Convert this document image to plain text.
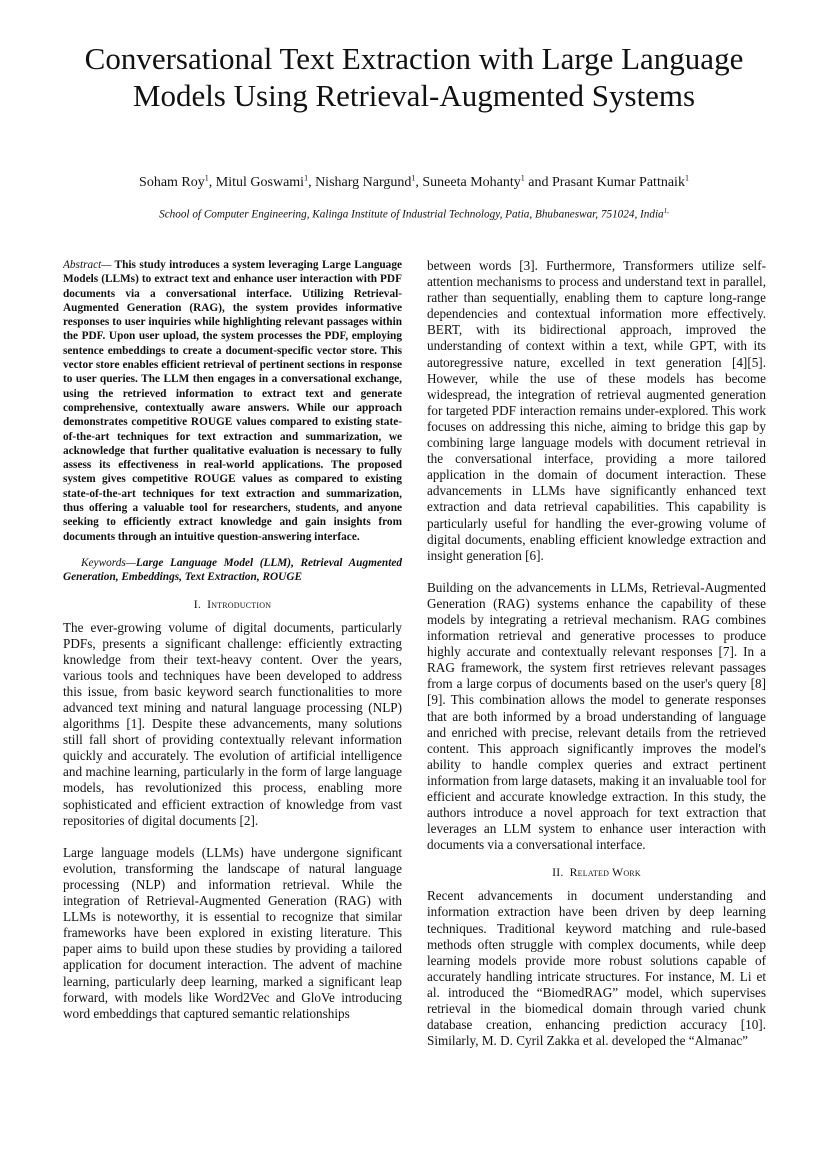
Conversational Text Extraction with Large Language Models Using Retrieval-Augmented Systems

Soham Roy$^1$, Mitul Goswami$^1$, Nisharg Nargund$^1$, Suneeta Mohanty$^1$ and Prasant Kumar Pattnaik$^1$

School of Computer Engineering, Kalinga Institute of Industrial Technology, Patia, Bhubaneswar, 751024, India$^{1,}$

Abstract— This study introduces a system leveraging Large Language Models (LLMs) to extract text and enhance user interaction with PDF documents via a conversational interface. Utilizing Retrieval-Augmented Generation (RAG), the system provides informative responses to user inquiries while highlighting relevant passages within the PDF. Upon user upload, the system processes the PDF, employing sentence embeddings to create a document-specific vector store. This vector store enables efficient retrieval of pertinent sections in response to user queries. The LLM then engages in a conversational exchange, using the retrieved information to extract text and generate comprehensive, contextually aware answers. While our approach demonstrates competitive ROUGE values compared to existing state-of-the-art techniques for text extraction and summarization, we acknowledge that further qualitative evaluation is necessary to fully assess its effectiveness in real-world applications. The proposed system gives competitive ROUGE values as compared to existing state-of-the-art techniques for text extraction and summarization, thus offering a valuable tool for researchers, students, and anyone seeking to efficiently extract knowledge and gain insights from documents through an intuitive question-answering interface.

Keywords—Large Language Model (LLM), Retrieval Augmented Generation, Embeddings, Text Extraction, ROUGE

I. Introduction

The ever-growing volume of digital documents, particularly PDFs, presents a significant challenge: efficiently extracting knowledge from their text-heavy content. Over the years, various tools and techniques have been developed to address this issue, from basic keyword search functionalities to more advanced text mining and natural language processing (NLP) algorithms [1]. Despite these advancements, many solutions still fall short of providing contextually relevant information quickly and accurately. The evolution of artificial intelligence and machine learning, particularly in the form of large language models, has revolutionized this process, enabling more sophisticated and efficient extraction of knowledge from vast repositories of digital documents [2].

Large language models (LLMs) have undergone significant evolution, transforming the landscape of natural language processing (NLP) and information retrieval. While the integration of Retrieval-Augmented Generation (RAG) with LLMs is noteworthy, it is essential to recognize that similar frameworks have been explored in existing literature. This paper aims to build upon these studies by providing a tailored application for document interaction. The advent of machine learning, particularly deep learning, marked a significant leap forward, with models like Word2Vec and GloVe introducing word embeddings that captured semantic relationships

between words [3]. Furthermore, Transformers utilize self-attention mechanisms to process and understand text in parallel, rather than sequentially, enabling them to capture long-range dependencies and contextual information more effectively. BERT, with its bidirectional approach, improved the understanding of context within a text, while GPT, with its autoregressive nature, excelled in text generation [4][5]. However, while the use of these models has become widespread, the integration of retrieval augmented generation for targeted PDF interaction remains under-explored. This work focuses on addressing this niche, aiming to bridge this gap by combining large language models with document retrieval in the conversational interface, providing a more tailored application in the domain of document interaction. These advancements in LLMs have significantly enhanced text extraction and data retrieval capabilities. This capability is particularly useful for handling the ever-growing volume of digital documents, enabling efficient knowledge extraction and insight generation [6].

Building on the advancements in LLMs, Retrieval-Augmented Generation (RAG) systems enhance the capability of these models by integrating a retrieval mechanism. RAG combines information retrieval and generative processes to produce highly accurate and contextually relevant responses [7]. In a RAG framework, the system first retrieves relevant passages from a large corpus of documents based on the user's query [8][9]. This combination allows the model to generate responses that are both informed by a broad understanding of language and enriched with precise, relevant details from the retrieved content. This approach significantly improves the model's ability to handle complex queries and extract pertinent information from large datasets, making it an invaluable tool for efficient and accurate knowledge extraction. In this study, the authors introduce a novel approach for text extraction that leverages an LLM system to enhance user interaction with documents via a conversational interface.

II. Related Work

Recent advancements in document understanding and information extraction have been driven by deep learning techniques. Traditional keyword matching and rule-based methods often struggle with complex documents, while deep learning models provide more robust solutions capable of accurately handling intricate structures. For instance, M. Li et al. introduced the “BiomedRAG” model, which supervises retrieval in the biomedical domain through varied chunk database creation, enhancing prediction accuracy [10]. Similarly, M. D. Cyril Zakka et al. developed the “Almanac”
